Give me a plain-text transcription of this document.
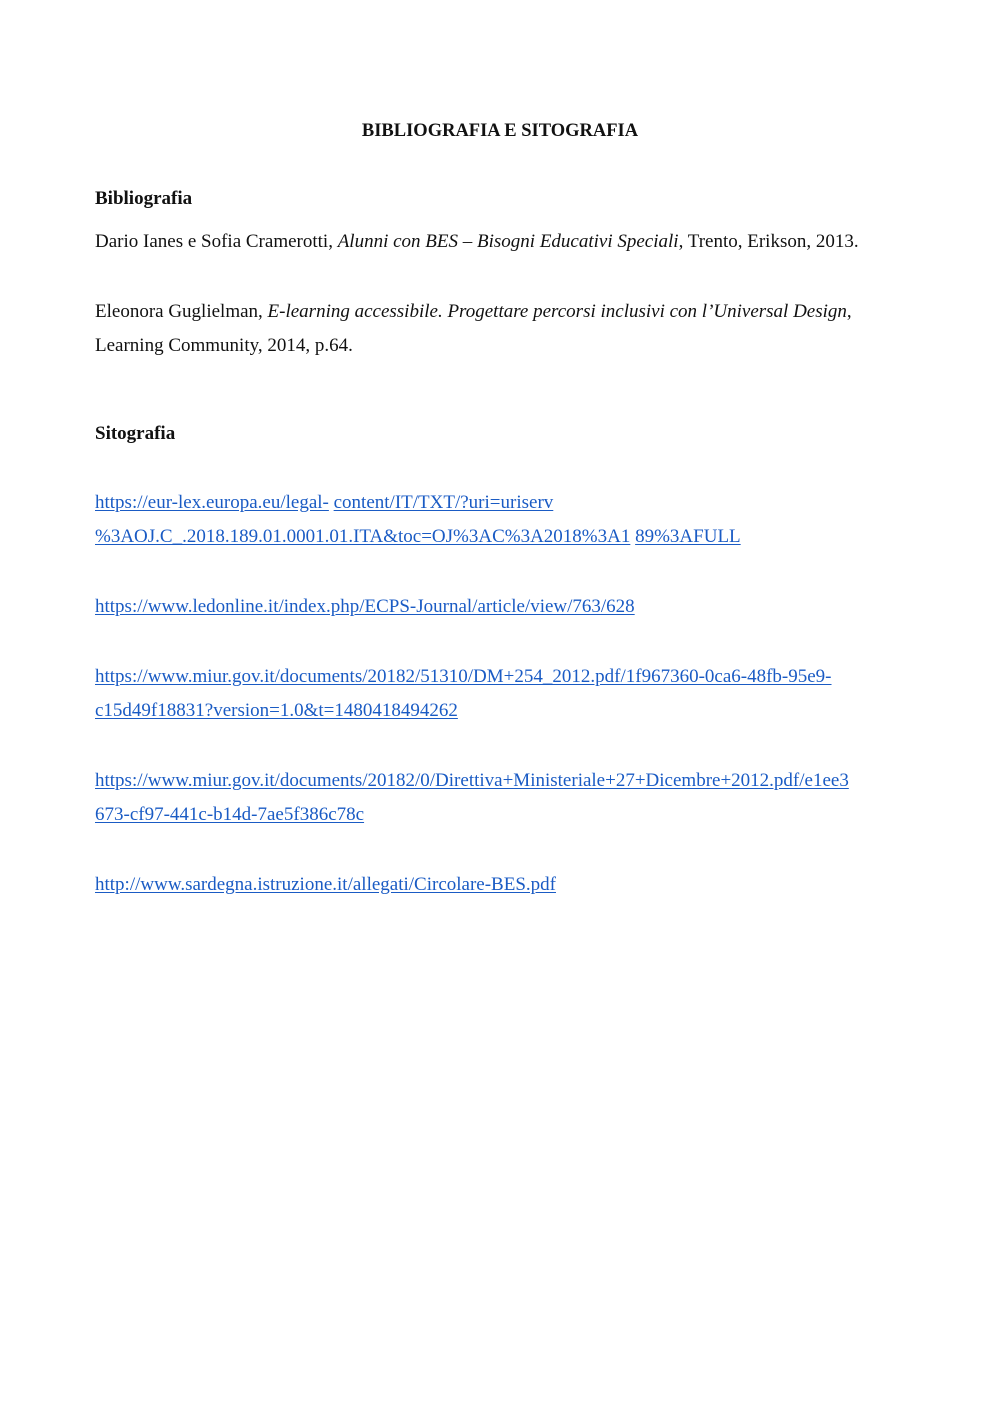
BIBLIOGRAFIA E SITOGRAFIA
Bibliografia

Dario Ianes e Sofia Cramerotti, Alunni con BES – Bisogni Educativi Speciali, Trento, Erikson, 2013.

Eleonora Guglielman, E-learning accessibile. Progettare percorsi inclusivi con l’Universal Design,
Learning Community, 2014, p.64.

Sitografia

https://eur-lex.europa.eu/legal- content/IT/TXT/?uri=uriserv
%3AOJ.C_.2018.189.01.0001.01.ITA&toc=OJ%3AC%3A2018%3A1 89%3AFULL

https://www.ledonline.it/index.php/ECPS-Journal/article/view/763/628

https://www.miur.gov.it/documents/20182/51310/DM+254_2012.pdf/1f967360-0ca6-48fb-95e9-
c15d49f18831?version=1.0&t=1480418494262

https://www.miur.gov.it/documents/20182/0/Direttiva+Ministeriale+27+Dicembre+2012.pdf/e1ee3
673-cf97-441c-b14d-7ae5f386c78c

http://www.sardegna.istruzione.it/allegati/Circolare-BES.pdf
